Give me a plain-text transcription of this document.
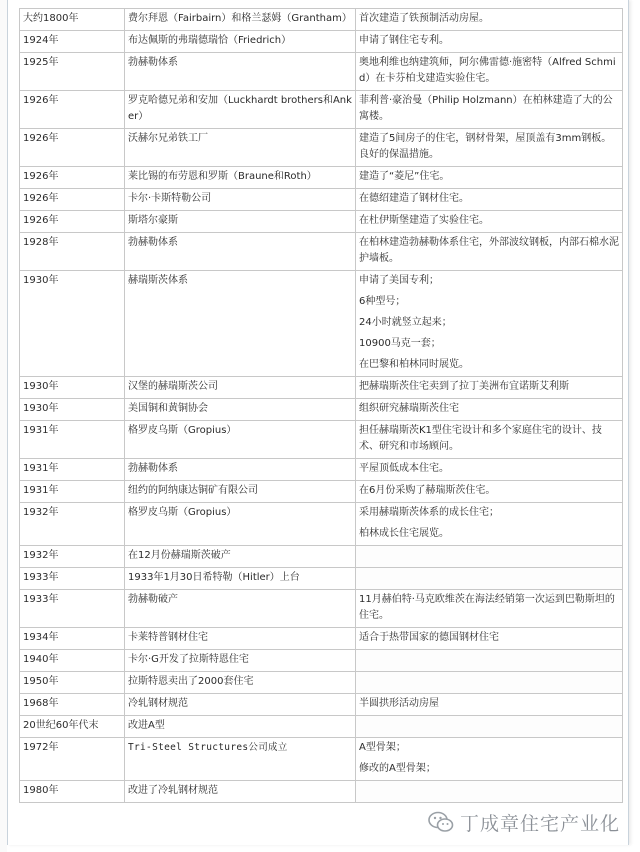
大约1800年	费尔拜恩（Fairbairn）和格兰瑟姆（Grantham）	首次建造了铁预制活动房屋。

1924年	布达佩斯的弗瑞德瑞恰（Friedrich）	申请了钢住宅专利。

1925年	勃赫勒体系	奥地利维也纳建筑师，阿尔佛雷德·施密特（Alfred Schmid）在卡芬柏戈建造实验住宅。

1926年	罗克哈德兄弟和安加（Luckhardt brothers和Anker）	菲利普·豪治曼（Philip Holzmann）在柏林建造了大的公寓楼。

1926年	沃赫尔兄弟铁工厂	建造了5间房子的住宅，钢材骨架，屋顶盖有3mm钢板。良好的保温措施。

1926年	莱比锡的布劳恩和罗斯（Braune和Roth）	建造了“菱尼”住宅。

1926年	卡尔·卡斯特勒公司	在德绍建造了钢材住宅。

1926年	斯塔尔豪斯	在杜伊斯堡建造了实验住宅。

1928年	勃赫勒体系	在柏林建造勃赫勒体系住宅，外部波纹钢板，内部石棉水泥护墙板。

1930年	赫瑞斯茨体系	申请了美国专利；

6种型号；

24小时就竖立起来；

10900马克一套；

在巴黎和柏林同时展览。

1930年	汉堡的赫瑞斯茨公司	把赫瑞斯茨住宅卖到了拉丁美洲布宜诺斯艾利斯

1930年	美国铜和黄铜协会	组织研究赫瑞斯茨住宅

1931年	格罗皮乌斯（Gropius）	担任赫瑞斯茨K1型住宅设计和多个家庭住宅的设计、技术、研究和市场顾问。

1931年	勃赫勒体系	平屋顶低成本住宅。

1931年	纽约的阿纳康达铜矿有限公司	在6月份采购了赫瑞斯茨住宅。

1932年	格罗皮乌斯（Gropius）	采用赫瑞斯茨体系的成长住宅；

柏林成长住宅展览。

1932年	在12月份赫瑞斯茨破产	
1933年	1933年1月30日希特勒（Hitler）上台	
1933年	勃赫勒破产	11月赫伯特·马克欧维茨在海法经销第一次运到巴勒斯坦的住宅。

1934年	卡莱特普钢材住宅	适合于热带国家的德国钢材住宅

1940年	卡尔·G开发了拉斯特恩住宅	
1950年	拉斯特恩卖出了2000套住宅	
1968年	冷轧钢材规范	半圆拱形活动房屋

20世纪60年代末	改进A型	
1972年	Tri-Steel Structures公司成立	A型骨架；

修改的A型骨架；

1980年	改进了冷轧钢材规范	
丁成章住宅产业化
